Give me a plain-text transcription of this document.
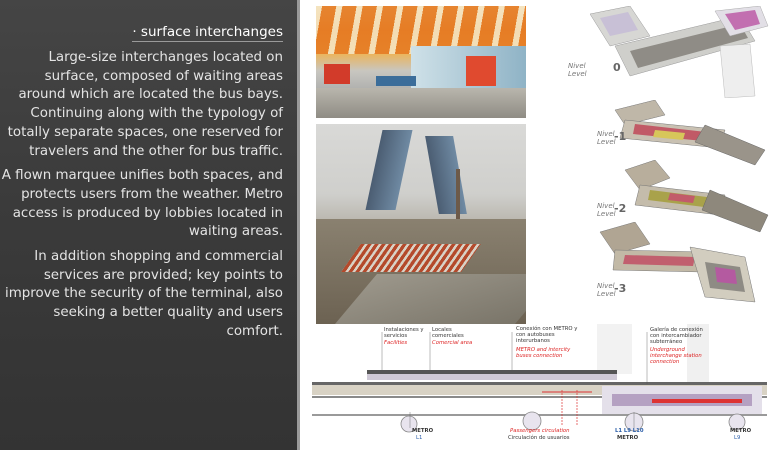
· surface interchanges

Large-size interchanges located on surface, composed of waiting areas around which are located the bus bays. Continuing along with the typology of totally separate spaces, one reserved for travelers and the other for bus traffic.

A flown marquee unifies both spaces, and protects users from the weather. Metro access is produced by lobbies located in waiting areas.

In addition shopping and commercial services are provided; key points to improve the security of the terminal, also seeking a better quality and users comfort.

Nivel
Level 0
Nivel
Level
-1
Nivel
Level
-2
Nivel
Level
-3
Instalaciones y servicios
Facilities
Locales comerciales
Comercial area
Conexión con METRO y con autobuses interurbanos
METRO and intercity buses connection
Galería de conexión con intercambiador subterráneo
Underground interchange station connection
Passengers circulation
Circulación de usuarios
METRO
L1
L1 L9 L10
METRO
METRO
L9
